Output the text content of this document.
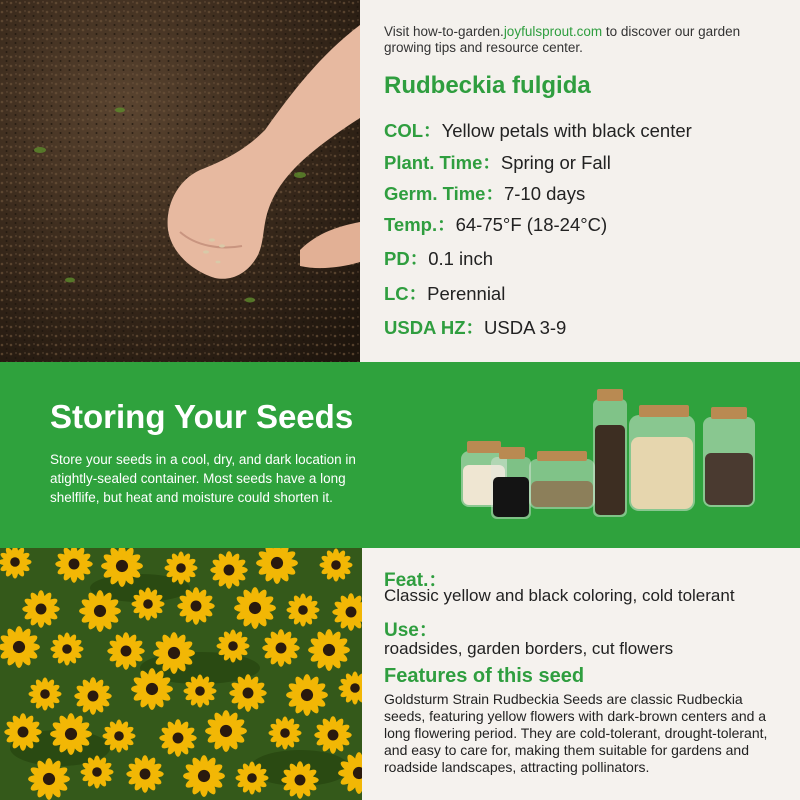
Visit how-to-garden.joyfulsprout.com to discover our garden growing tips and resource center.
Rudbeckia fulgida
COL：Yellow petals with black center
Plant. Time：Spring or Fall
Germ. Time：7-10 days
Temp.：64-75°F (18-24°C)
PD：0.1 inch
LC：Perennial
USDA HZ：USDA 3-9
Storing Your Seeds
Store your seeds in a cool, dry, and dark location in atightly-sealed container. Most seeds have a long shelflife, but heat and moisture could shorten it.
Feat.：
Classic yellow and black coloring, cold tolerant
Use：
roadsides, garden borders, cut flowers
Features of this seed
Goldsturm Strain Rudbeckia Seeds are classic Rudbeckia seeds, featuring yellow flowers with dark-brown centers and a long flowering period. They are cold-tolerant, drought-tolerant, and easy to care for, making them suitable for gardens and roadside landscapes, attracting pollinators.
